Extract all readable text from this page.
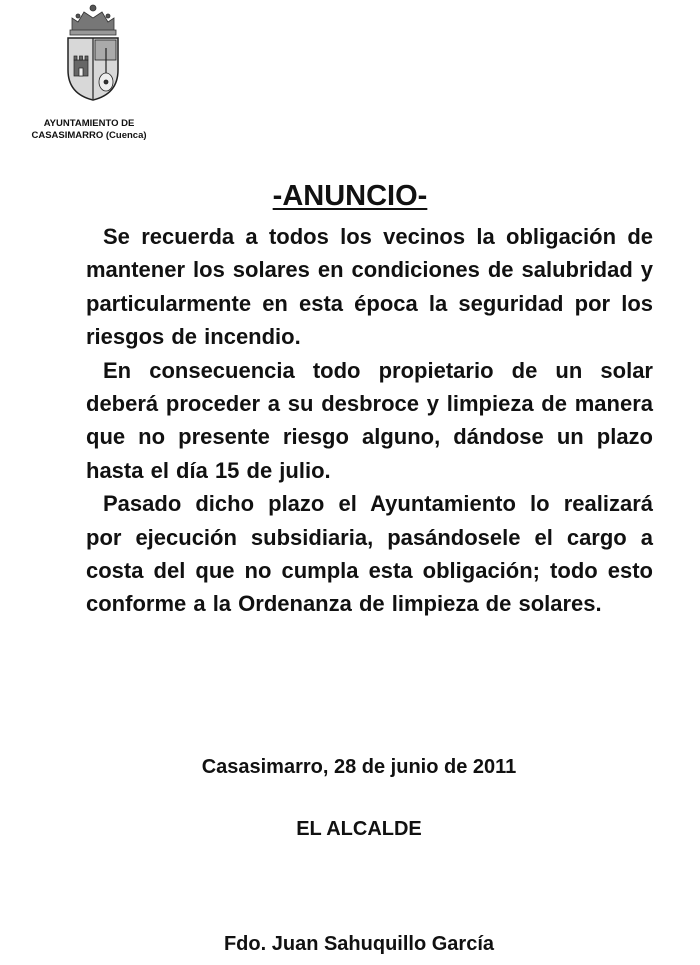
AYUNTAMIENTO DE
CASASIMARRO (Cuenca)
-ANUNCIO-

Se recuerda a todos los vecinos la obligación de mantener los solares en condiciones de salubridad y particularmente en esta época la seguridad por los riesgos de incendio.

En consecuencia todo propietario de un solar deberá proceder a su desbroce y limpieza de manera que no presente riesgo alguno, dándose un plazo hasta el día 15 de julio.

Pasado dicho plazo el Ayuntamiento lo realizará por ejecución subsidiaria, pasándosele el cargo a costa del que no cumpla esta obligación; todo esto conforme a la Ordenanza de limpieza de solares.

Casasimarro, 28 de junio de 2011
EL ALCALDE
Fdo. Juan Sahuquillo García
